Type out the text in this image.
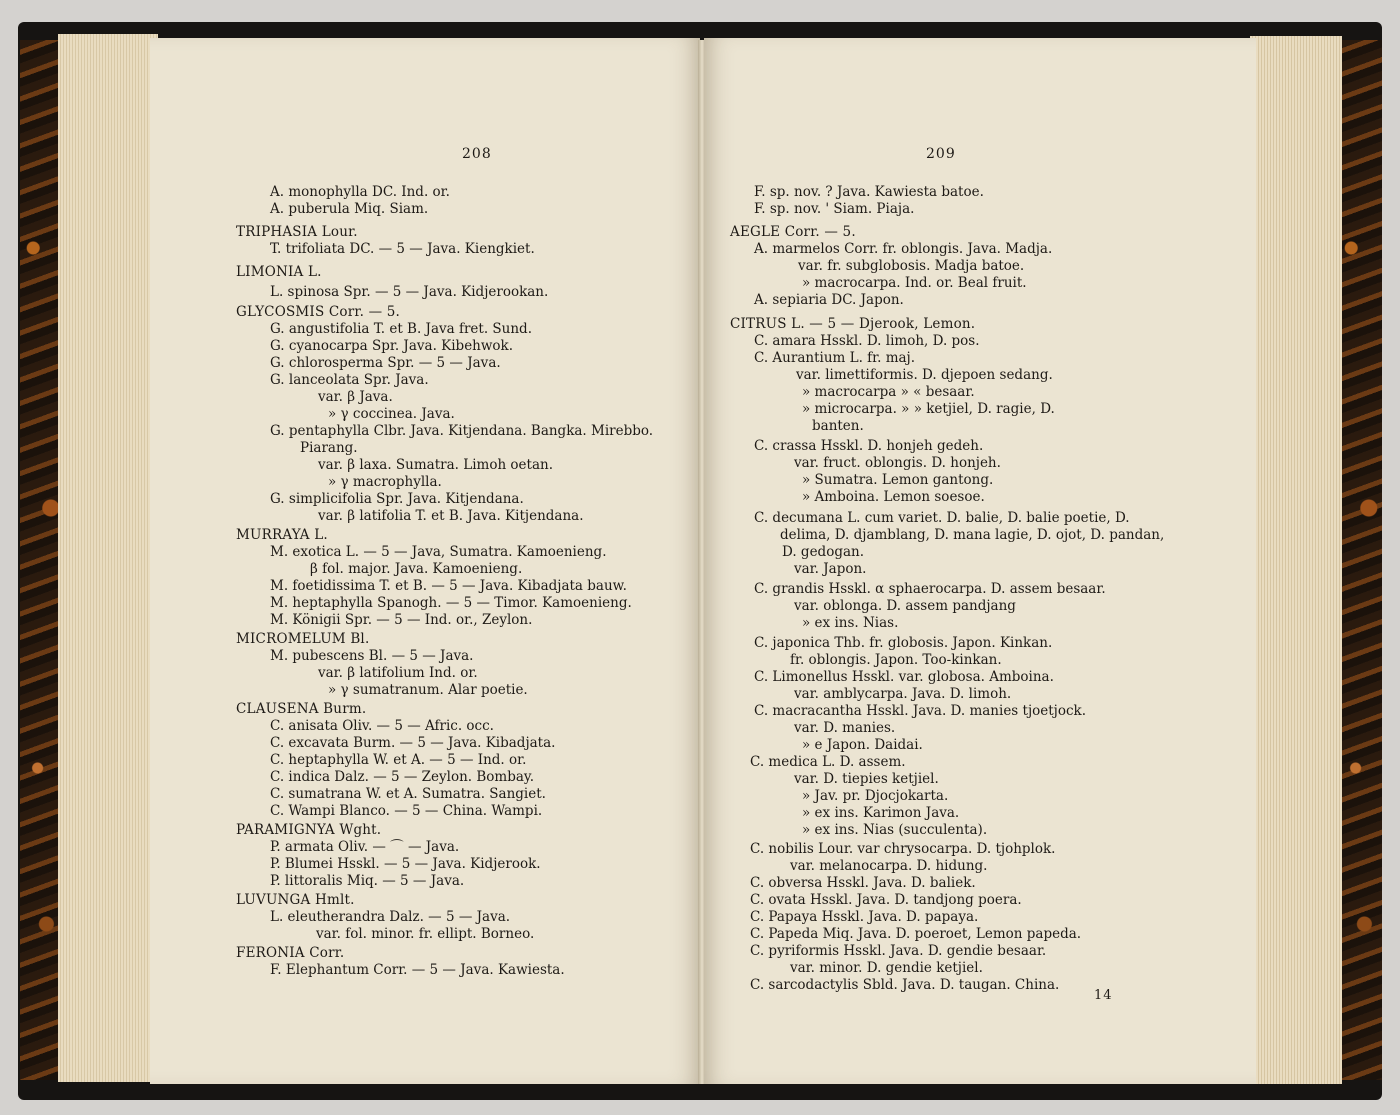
208
A. monophylla DC. Ind. or.
A. puberula Miq. Siam.
TRIPHASIA Lour.
T. trifoliata DC. — 5 — Java. Kiengkiet.
LIMONIA L.
L. spinosa Spr. — 5 — Java. Kidjerookan.
GLYCOSMIS Corr. — 5.
G. angustifolia T. et B. Java fret. Sund.
G. cyanocarpa Spr. Java. Kibehwok.
G. chlorosperma Spr. — 5 — Java.
G. lanceolata Spr. Java.
var. β Java.
» γ coccinea. Java.
G. pentaphylla Clbr. Java. Kitjendana. Bangka. Mirebbo.
Piarang.
var. β laxa. Sumatra. Limoh oetan.
» γ macrophylla.
G. simplicifolia Spr. Java. Kitjendana.
var. β latifolia T. et B. Java. Kitjendana.
MURRAYA L.
M. exotica L. — 5 — Java, Sumatra. Kamoenieng.
β fol. major. Java. Kamoenieng.
M. foetidissima T. et B. — 5 — Java. Kibadjata bauw.
M. heptaphylla Spanogh. — 5 — Timor. Kamoenieng.
M. Königii Spr. — 5 — Ind. or., Zeylon.
MICROMELUM Bl.
M. pubescens Bl. — 5 — Java.
var. β latifolium Ind. or.
» γ sumatranum. Alar poetie.
CLAUSENA Burm.
C. anisata Oliv. — 5 — Afric. occ.
C. excavata Burm. — 5 — Java. Kibadjata.
C. heptaphylla W. et A. — 5 — Ind. or.
C. indica Dalz. — 5 — Zeylon. Bombay.
C. sumatrana W. et A. Sumatra. Sangiet.
C. Wampi Blanco. — 5 — China. Wampi.
PARAMIGNYA Wght.
P. armata Oliv. — ⌒ — Java.
P. Blumei Hsskl. — 5 — Java. Kidjerook.
P. littoralis Miq. — 5 — Java.
LUVUNGA Hmlt.
L. eleutherandra Dalz. — 5 — Java.
var. fol. minor. fr. ellipt. Borneo.
FERONIA Corr.
F. Elephantum Corr. — 5 — Java. Kawiesta.
209
F. sp. nov. ? Java. Kawiesta batoe.
F. sp. nov. ' Siam. Piaja.
AEGLE Corr. — 5.
A. marmelos Corr. fr. oblongis. Java. Madja.
var. fr. subglobosis. Madja batoe.
» macrocarpa. Ind. or. Beal fruit.
A. sepiaria DC. Japon.
CITRUS L. — 5 — Djerook, Lemon.
C. amara Hsskl. D. limoh, D. pos.
C. Aurantium L. fr. maj.
var. limettiformis. D. djepoen sedang.
» macrocarpa » « besaar.
» microcarpa. » » ketjiel, D. ragie, D.
banten.
C. crassa Hsskl. D. honjeh gedeh.
var. fruct. oblongis. D. honjeh.
» Sumatra. Lemon gantong.
» Amboina. Lemon soesoe.
C. decumana L. cum variet. D. balie, D. balie poetie, D.
delima, D. djamblang, D. mana lagie, D. ojot, D. pandan,
D. gedogan.
var. Japon.
C. grandis Hsskl. α sphaerocarpa. D. assem besaar.
var. oblonga. D. assem pandjang
» ex ins. Nias.
C. japonica Thb. fr. globosis. Japon. Kinkan.
fr. oblongis. Japon. Too-kinkan.
C. Limonellus Hsskl. var. globosa. Amboina.
var. amblycarpa. Java. D. limoh.
C. macracantha Hsskl. Java. D. manies tjoetjock.
var. D. manies.
» e Japon. Daidai.
C. medica L. D. assem.
var. D. tiepies ketjiel.
» Jav. pr. Djocjokarta.
» ex ins. Karimon Java.
» ex ins. Nias (succulenta).
C. nobilis Lour. var chrysocarpa. D. tjohplok.
var. melanocarpa. D. hidung.
C. obversa Hsskl. Java. D. baliek.
C. ovata Hsskl. Java. D. tandjong poera.
C. Papaya Hsskl. Java. D. papaya.
C. Papeda Miq. Java. D. poeroet, Lemon papeda.
C. pyriformis Hsskl. Java. D. gendie besaar.
var. minor. D. gendie ketjiel.
C. sarcodactylis Sbld. Java. D. taugan. China.
14
